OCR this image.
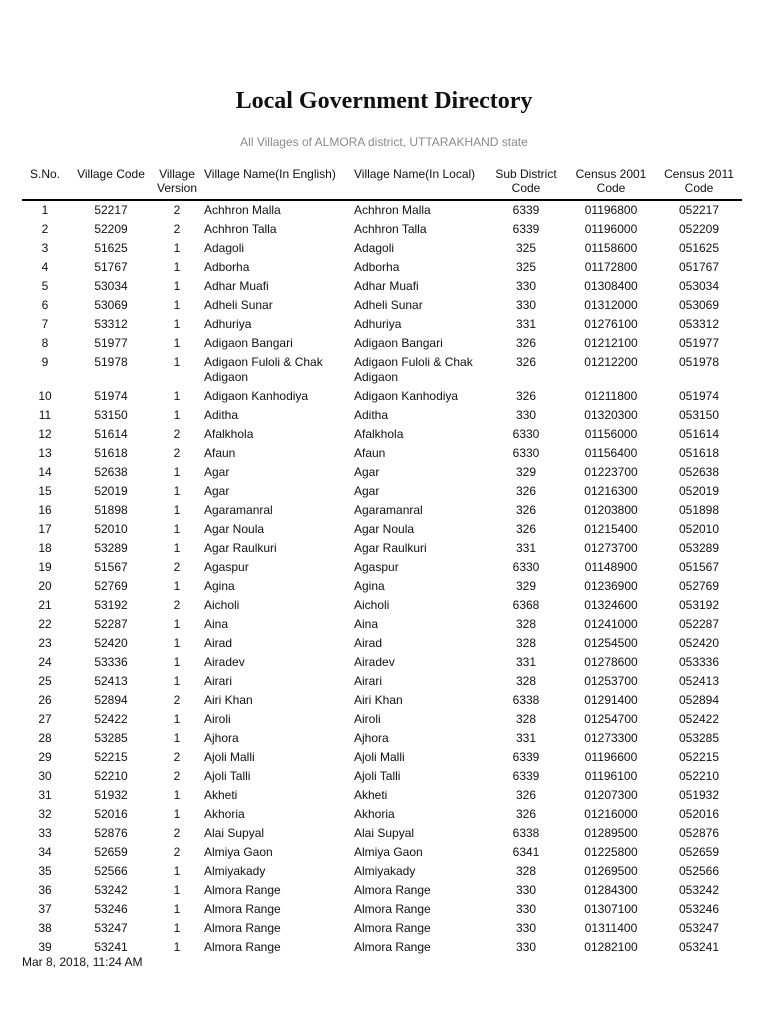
Local Government Directory
All Villages of ALMORA district, UTTARAKHAND state
S.No.	Village Code	Village Version	Village Name(In English)	Village Name(In Local)	Sub District Code	Census 2001 Code	Census 2011 Code
1	52217	2	Achhron Malla	Achhron Malla	6339	01196800	052217
2	52209	2	Achhron Talla	Achhron Talla	6339	01196000	052209
3	51625	1	Adagoli	Adagoli	325	01158600	051625
4	51767	1	Adborha	Adborha	325	01172800	051767
5	53034	1	Adhar Muafi	Adhar Muafi	330	01308400	053034
6	53069	1	Adheli Sunar	Adheli Sunar	330	01312000	053069
7	53312	1	Adhuriya	Adhuriya	331	01276100	053312
8	51977	1	Adigaon Bangari	Adigaon Bangari	326	01212100	051977
9	51978	1	Adigaon Fuloli & Chak Adigaon	Adigaon Fuloli & Chak Adigaon	326	01212200	051978
10	51974	1	Adigaon Kanhodiya	Adigaon Kanhodiya	326	01211800	051974
11	53150	1	Aditha	Aditha	330	01320300	053150
12	51614	2	Afalkhola	Afalkhola	6330	01156000	051614
13	51618	2	Afaun	Afaun	6330	01156400	051618
14	52638	1	Agar	Agar	329	01223700	052638
15	52019	1	Agar	Agar	326	01216300	052019
16	51898	1	Agaramanral	Agaramanral	326	01203800	051898
17	52010	1	Agar Noula	Agar Noula	326	01215400	052010
18	53289	1	Agar Raulkuri	Agar Raulkuri	331	01273700	053289
19	51567	2	Agaspur	Agaspur	6330	01148900	051567
20	52769	1	Agina	Agina	329	01236900	052769
21	53192	2	Aicholi	Aicholi	6368	01324600	053192
22	52287	1	Aina	Aina	328	01241000	052287
23	52420	1	Airad	Airad	328	01254500	052420
24	53336	1	Airadev	Airadev	331	01278600	053336
25	52413	1	Airari	Airari	328	01253700	052413
26	52894	2	Airi Khan	Airi Khan	6338	01291400	052894
27	52422	1	Airoli	Airoli	328	01254700	052422
28	53285	1	Ajhora	Ajhora	331	01273300	053285
29	52215	2	Ajoli Malli	Ajoli Malli	6339	01196600	052215
30	52210	2	Ajoli Talli	Ajoli Talli	6339	01196100	052210
31	51932	1	Akheti	Akheti	326	01207300	051932
32	52016	1	Akhoria	Akhoria	326	01216000	052016
33	52876	2	Alai Supyal	Alai Supyal	6338	01289500	052876
34	52659	2	Almiya Gaon	Almiya Gaon	6341	01225800	052659
35	52566	1	Almiyakady	Almiyakady	328	01269500	052566
36	53242	1	Almora Range	Almora Range	330	01284300	053242
37	53246	1	Almora Range	Almora Range	330	01307100	053246
38	53247	1	Almora Range	Almora Range	330	01311400	053247
39	53241	1	Almora Range	Almora Range	330	01282100	053241
Mar 8, 2018, 11:24 AM
